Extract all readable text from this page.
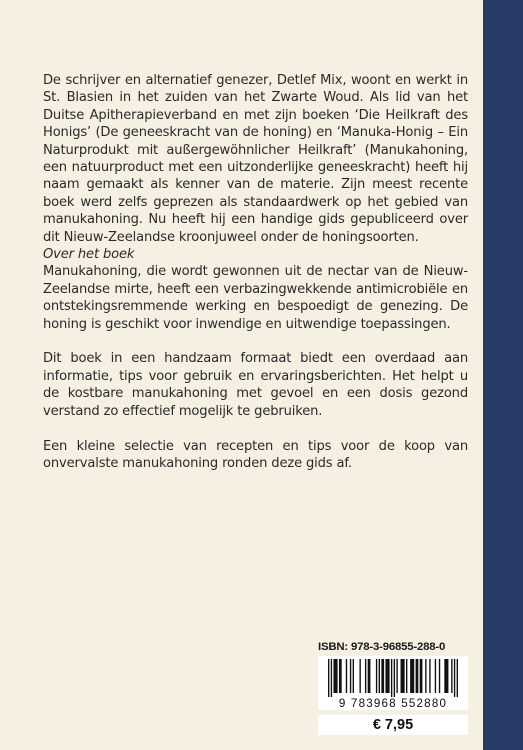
De schrijver en alternatief genezer, Detlef Mix, woont en werkt in St. Blasien in het zuiden van het Zwarte Woud. Als lid van het Duitse Apitherapieverband en met zijn boeken ‘Die Heilkraft des Honigs’ (De geneeskracht van de honing) en ‘Manuka-Honig – Ein Naturprodukt mit außergewöhnlicher Heilkraft’ (Manukahoning, een natuurproduct met een uitzonderlijke geneeskracht) heeft hij naam gemaakt als kenner van de materie. Zijn meest recente boek werd zelfs geprezen als standaardwerk op het gebied van manukahoning. Nu heeft hij een handige gids gepubliceerd over dit Nieuw-Zeelandse kroonjuweel onder de honingsoorten.

Over het boek

Manukahoning, die wordt gewonnen uit de nectar van de Nieuw-Zeelandse mirte, heeft een verbazingwekkende antimicrobiële en ontstekingsremmende werking en bespoedigt de genezing. De honing is geschikt voor inwendige en uitwendige toepassingen.

Dit boek in een handzaam formaat biedt een overdaad aan informatie, tips voor gebruik en ervaringsberichten. Het helpt u de kostbare manukahoning met gevoel en een dosis gezond verstand zo effectief mogelijk te gebruiken.

Een kleine selectie van recepten en tips voor de koop van onvervalste manukahoning ronden deze gids af.

ISBN: 978-3-96855-288-0
9 783968 552880
€ 7,95
